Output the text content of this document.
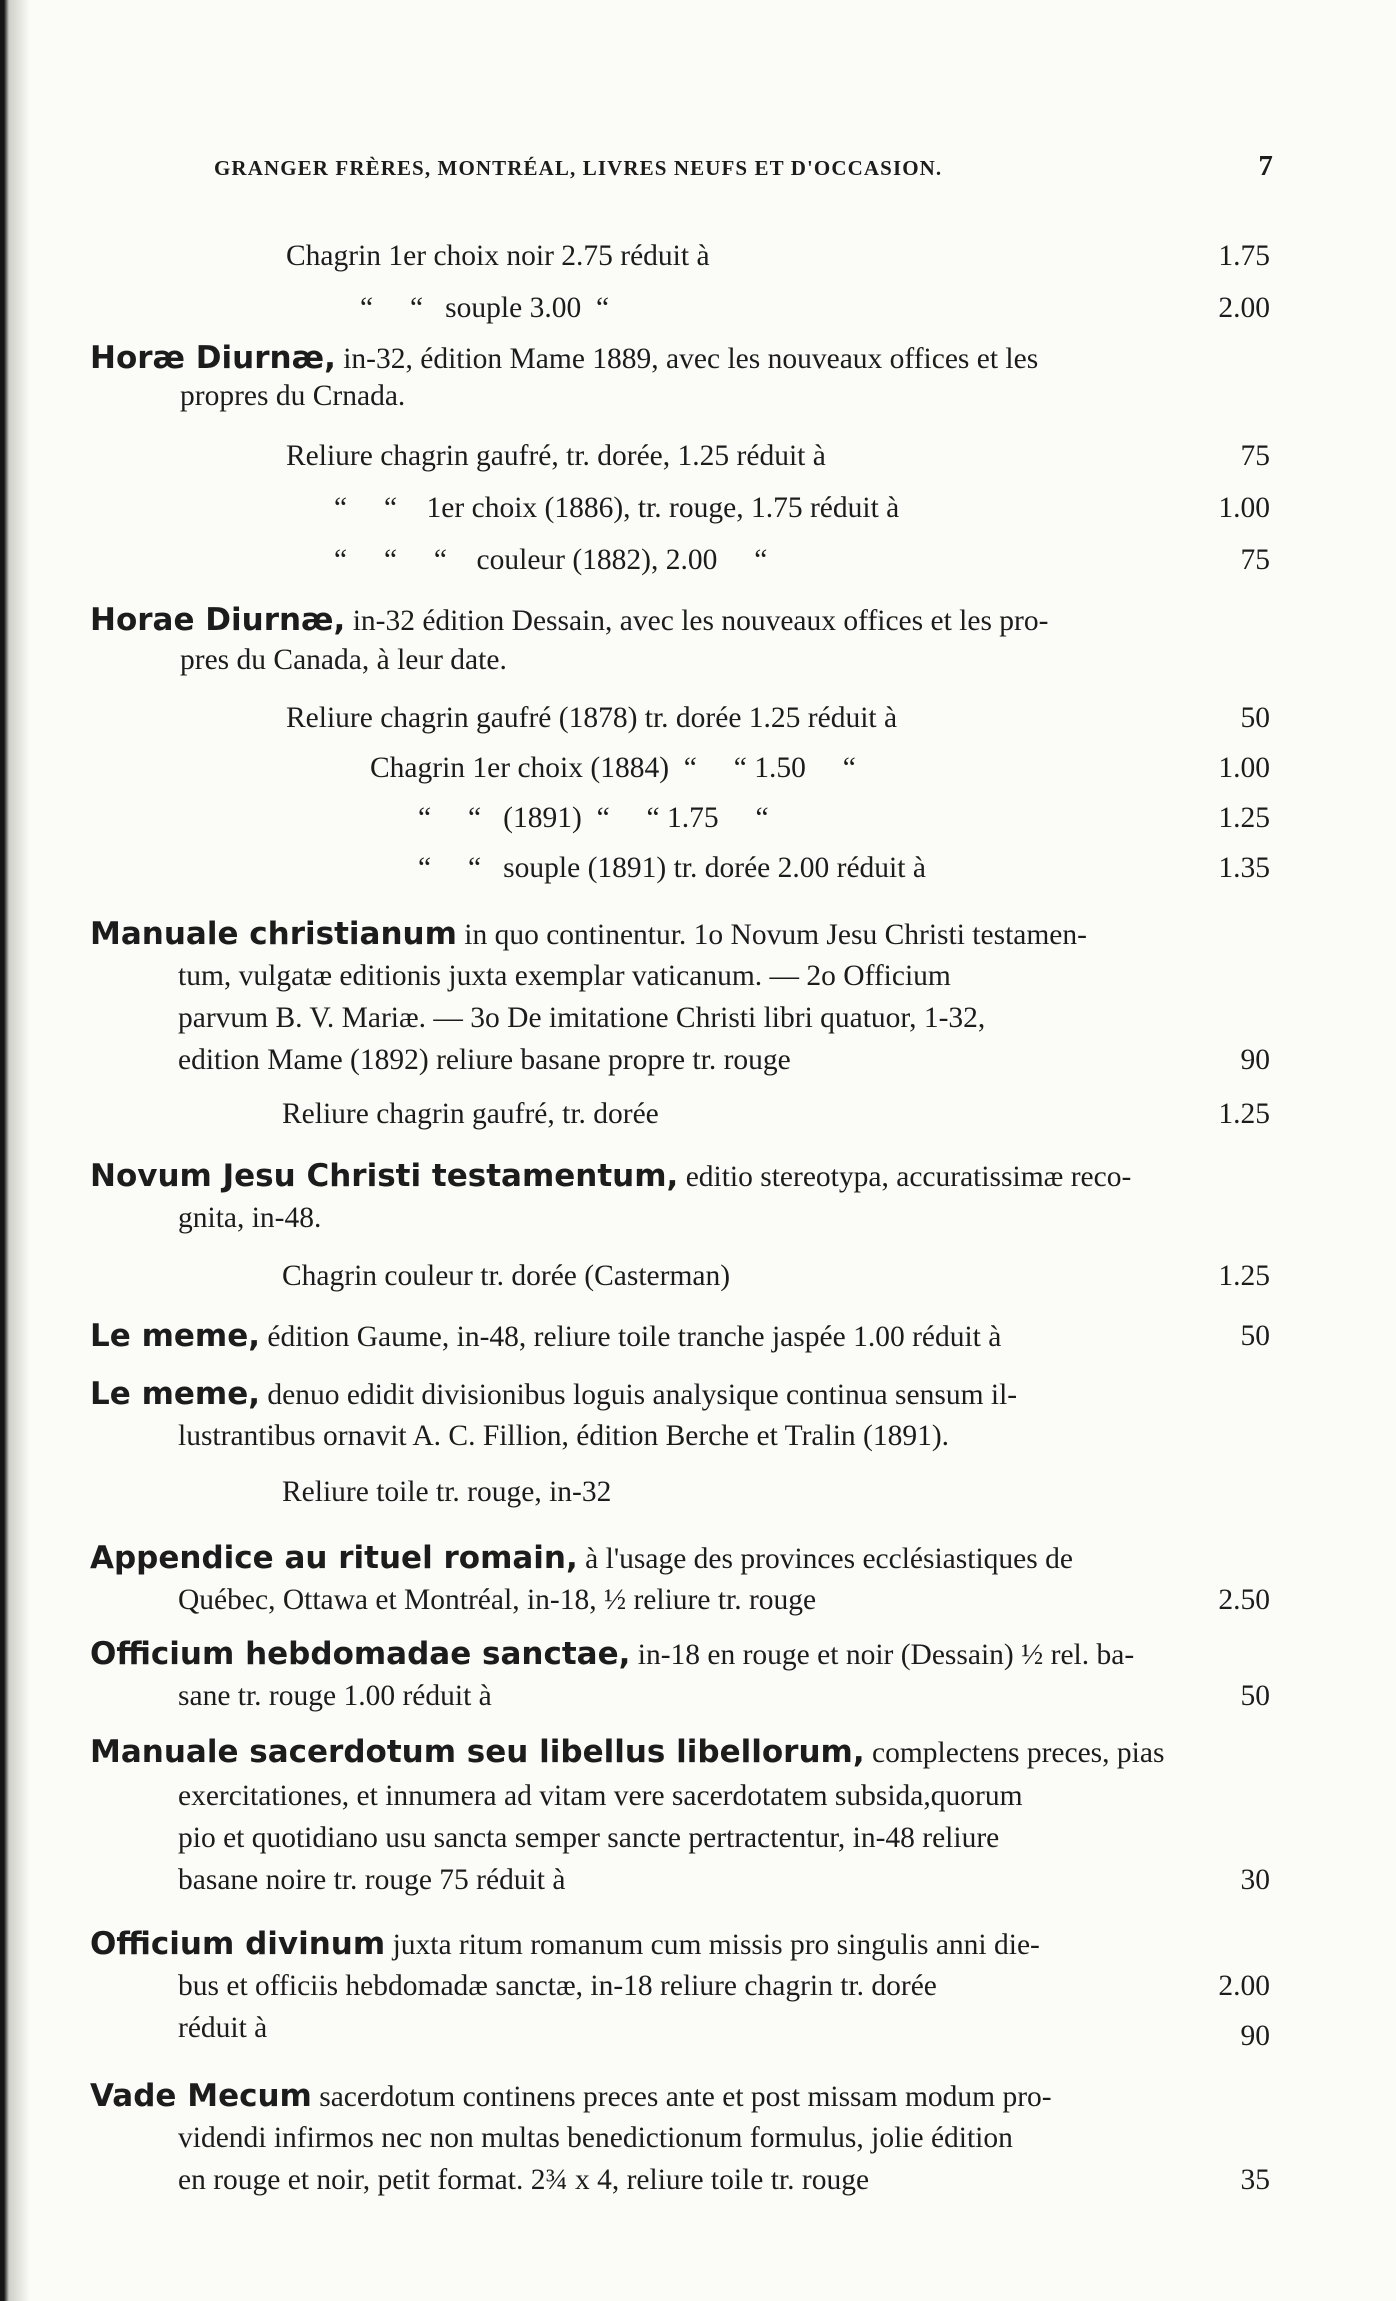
GRANGER FRÈRES, MONTRÉAL, LIVRES NEUFS ET D'OCCASION.	7
Chagrin 1er choix noir 2.75 réduit à	1.75
“     “   souple 3.00  “	2.00
Horæ Diurnæ, in-32, édition Mame 1889, avec les nouveaux offices et les
propres du Crnada.
Reliure chagrin gaufré, tr. dorée, 1.25 réduit à	75
“     “    1er choix (1886), tr. rouge, 1.75 réduit à	1.00
“     “     “    couleur (1882), 2.00     “	75
Horae Diurnæ, in-32 édition Dessain, avec les nouveaux offices et les pro-
pres du Canada, à leur date.
Reliure chagrin gaufré (1878) tr. dorée 1.25 réduit à	50
Chagrin 1er choix (1884)  “     “ 1.50     “	1.00
“     “   (1891)  “     “ 1.75     “	1.25
“     “   souple (1891) tr. dorée 2.00 réduit à	1.35
Manuale christianum in quo continentur. 1o Novum Jesu Christi testamen-
tum, vulgatæ editionis juxta exemplar vaticanum. — 2o Officium
parvum B. V. Mariæ. — 3o De imitatione Christi libri quatuor, 1-32,
edition Mame (1892) reliure basane propre tr. rouge	90
Reliure chagrin gaufré, tr. dorée	1.25
Novum Jesu Christi testamentum, editio stereotypa, accuratissimæ reco-
gnita, in-48.
Chagrin couleur tr. dorée (Casterman)	1.25
Le meme, édition Gaume, in-48, reliure toile tranche jaspée 1.00 réduit à	50
Le meme, denuo edidit divisionibus loguis analysique continua sensum il-
lustrantibus ornavit A. C. Fillion, édition Berche et Tralin (1891).
Reliure toile tr. rouge, in-32
Appendice au rituel romain, à l'usage des provinces ecclésiastiques de
Québec, Ottawa et Montréal, in-18, ½ reliure tr. rouge	2.50
Officium hebdomadae sanctae, in-18 en rouge et noir (Dessain) ½ rel. ba-
sane tr. rouge 1.00 réduit à	50
Manuale sacerdotum seu libellus libellorum, complectens preces, pias
exercitationes, et innumera ad vitam vere sacerdotatem subsida,quorum
pio et quotidiano usu sancta semper sancte pertractentur, in-48 reliure
basane noire tr. rouge 75 réduit à	30
Officium divinum juxta ritum romanum cum missis pro singulis anni die-
bus et officiis hebdomadæ sanctæ, in-18 reliure chagrin tr. dorée	2.00
réduit à	90
Vade Mecum sacerdotum continens preces ante et post missam modum pro-
videndi infirmos nec non multas benedictionum formulus, jolie édition
en rouge et noir, petit format. 2¾ x 4, reliure toile tr. rouge	35
